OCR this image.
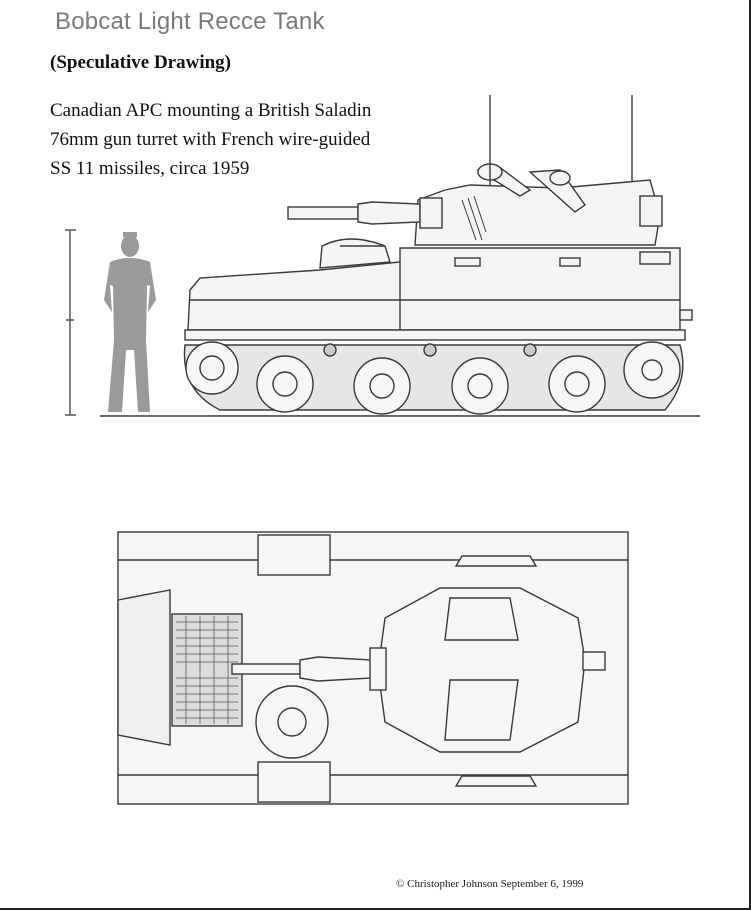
Bobcat Light Recce Tank
(Speculative Drawing)
Canadian APC mounting a British Saladin
76mm gun turret with French wire-guided
SS 11 missiles, circa 1959
© Christopher Johnson September 6, 1999
